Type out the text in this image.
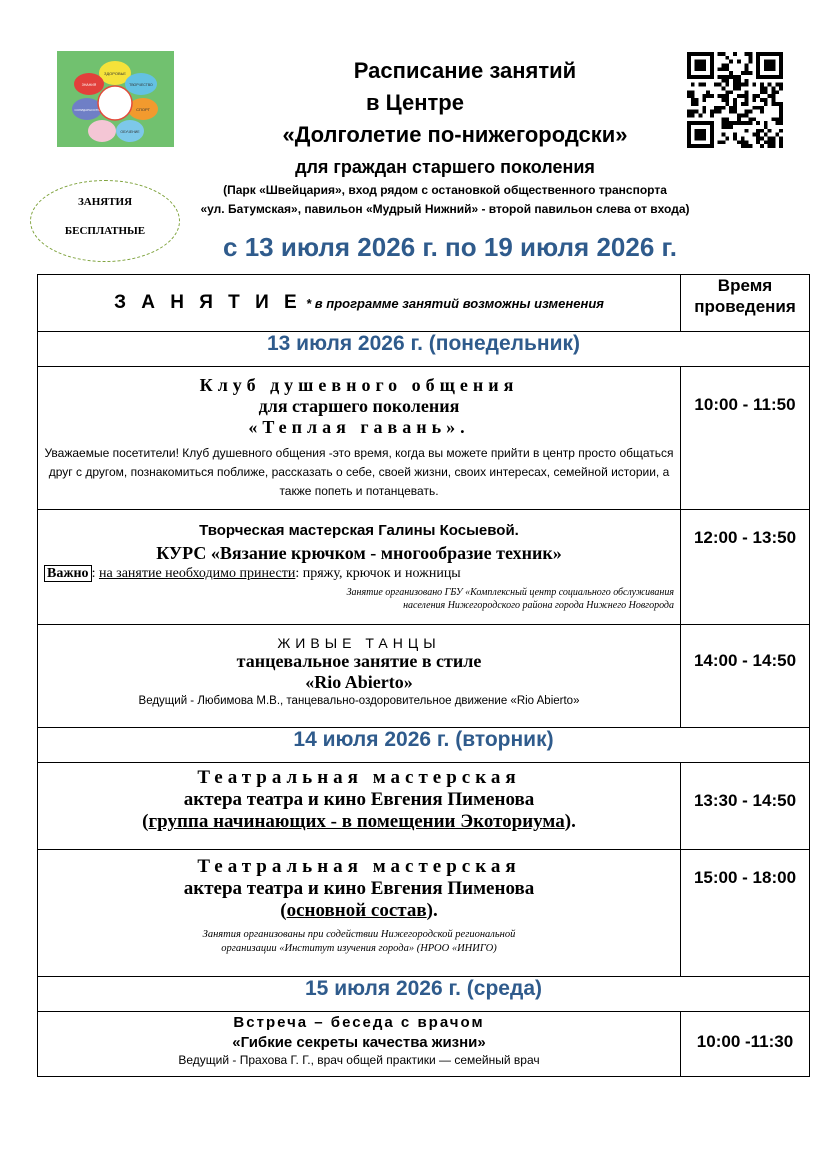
ЗДОРОВЬЕ
ТВОРЧЕСТВО
СПОРТ
ОБУЧЕНИЕ
СОЛИДАРНОСТЬ
ЗНАНИЯ
ЗАНЯТИЯ
БЕСПЛАТНЫЕ
Расписание занятий
в Центре
«Долголетие по-нижегородски»
для граждан старшего поколения
(Парк «Швейцария», вход рядом с остановкой общественного транспорта
«ул. Батумская», павильон «Мудрый Нижний» - второй павильон слева от входа)
с 13 июля 2026 г. по 19 июля 2026 г.
З А Н Я Т И Е * в программе занятий возможны изменения	Время
проведения

13 июля 2026 г. (понедельник)	

Клуб душевного общения
для старшего поколения
«Теплая гавань».
Уважаемые посетители! Клуб душевного общения -это время, когда вы можете прийти в центр просто общаться друг с другом, познакомиться поближе, рассказать о себе, своей жизни, своих интересах, семейной истории, а также попеть и потанцевать.	10:00 - 11:50

Творческая мастерская Галины Косыевой.
КУРС «Вязание крючком - многообразие техник»
Важно : на занятие необходимо принести: пряжу, крючок и ножницы
Занятие организовано ГБУ «Комплексный центр социального обслуживания
населения Нижегородского района города Нижнего Новгорода	12:00 - 13:50

ЖИВЫЕ ТАНЦЫ
танцевальное занятие в стиле
«Rio Abierto»
Ведущий - Любимова М.В., танцевально-оздоровительное движение «Rio Abierto»	14:00 - 14:50

14 июля 2026 г. (вторник)	

Театральная мастерская
актера театра и кино Евгения Пименова
(группа начинающих - в помещении Экоториума).	13:30 - 14:50

Театральная мастерская
актера театра и кино Евгения Пименова
(основной состав).
Занятия организованы при содействии Нижегородской региональной
организации «Институт изучения города» (НРОО «ИНИГО)	15:00 - 18:00

15 июля 2026 г. (среда)	

Встреча – беседа с врачом
«Гибкие секреты качества жизни»
Ведущий - Прахова Г. Г., врач общей практики — семейный врач	10:00 -11:30
